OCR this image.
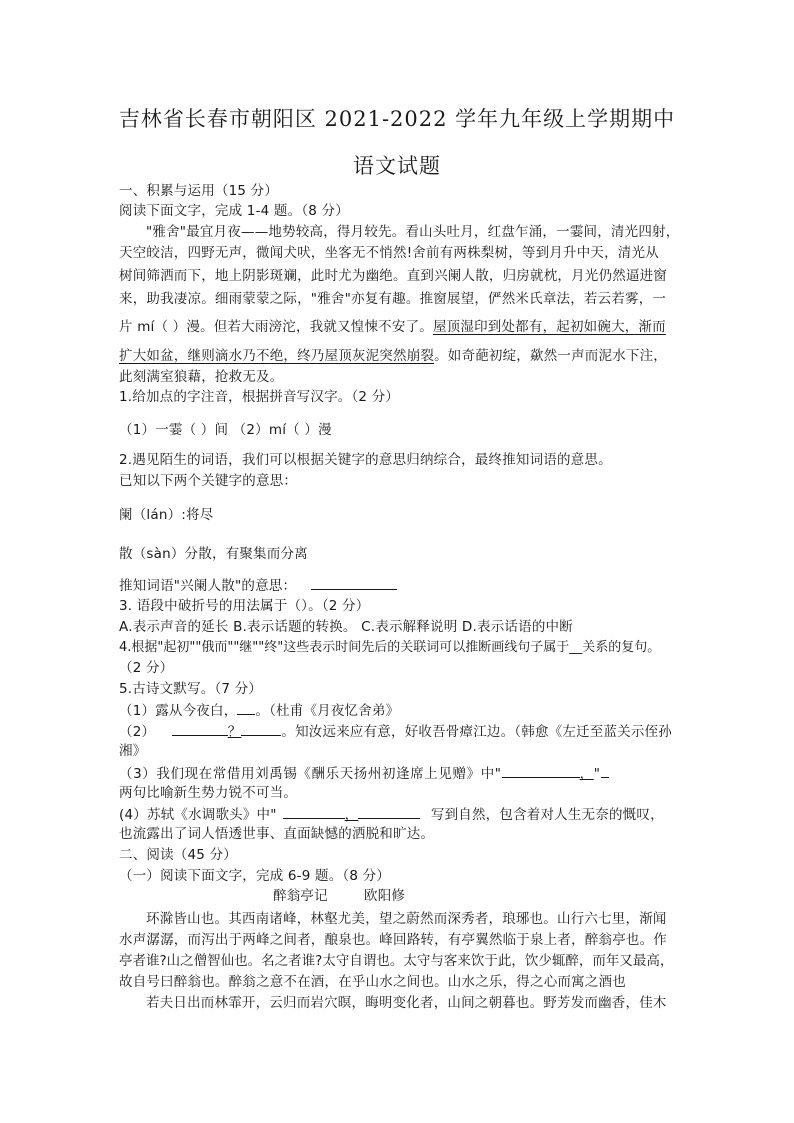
吉林省长春市朝阳区 2021-2022 学年九年级上学期期中
语文试题
一、积累与运用（15 分）
阅读下面文字，完成 1-4 题。（8 分）
"雅舍"最宜月夜——地势较高，得月较先。看山头吐月，红盘乍涌，一霎间，清光四射，
天空皎洁，四野无声，微闻犬吠，坐客无不悄然!舍前有两株梨树，等到月升中天，清光从
树间筛洒而下，地上阴影斑斓，此时尤为幽绝。直到兴阑人散，归房就枕，月光仍然逼进窗
来，助我凄凉。细雨蒙蒙之际，"雅舍"亦复有趣。推窗展望，俨然米氏章法，若云若雾，一
片 mí（ ）漫。但若大雨滂沱，我就又惶悚不安了。屋顶湿印到处都有，起初如碗大，渐而
扩大如盆，继则滴水乃不绝，终乃屋顶灰泥突然崩裂。如奇葩初绽，歘然一声而泥水下注，
此刻满室狼藉，抢救无及。
1.给加点的字注音，根据拼音写汉字。（2 分）
（1）一霎（ ）间 （2）mí（ ）漫
2.遇见陌生的词语，我们可以根据关键字的意思归纳综合，最终推知词语的意思。
已知以下两个关键字的意思：
阑（lán）:将尽
散（sàn）分散，有聚集而分离
推知词语"兴阑人散"的意思：
3. 语段中破折号的用法属于（）。（2 分）
A.表示声音的延长 B.表示话题的转换。 C.表示解释说明 D.表示话语的中断
4.根据"起初""俄而""继""终"这些表示时间先后的关联词可以推断画线句子属于__关系的复句。
（2 分）
5.古诗文默写。（7 分）
（1）露从今夜白， 。（杜甫《月夜忆舍弟》
（2）	？	。知汝远来应有意，好收吾骨瘴江边。（韩愈《左迁至蓝关示侄孙
湘》
（3）我们现在常借用刘禹锡《酬乐天扬州初逢席上见赠》中"	，"
两句比喻新生势力锐不可当。
(4）苏轼《水调歌头》中"	，	写到自然，包含着对人生无奈的慨叹，
也流露出了词人悟透世事、直面缺憾的洒脱和旷达。
二、阅读（45 分）
（一）阅读下面文字，完成 6-9 题。（8 分）
醉翁亭记	欧阳修
环滁皆山也。其西南诸峰，林壑尤美，望之蔚然而深秀者，琅琊也。山行六七里，渐闻
水声潺潺，而泻出于两峰之间者，酿泉也。峰回路转，有亭翼然临于泉上者，醉翁亭也。作
亭者谁?山之僧智仙也。名之者谁?太守自谓也。太守与客来饮于此，饮少辄醉，而年又最高，
故自号曰醉翁也。醉翁之意不在酒，在乎山水之间也。山水之乐，得之心而寓之酒也
若夫日出而林霏开，云归而岩穴暝，晦明变化者，山间之朝暮也。野芳发而幽香，佳木
